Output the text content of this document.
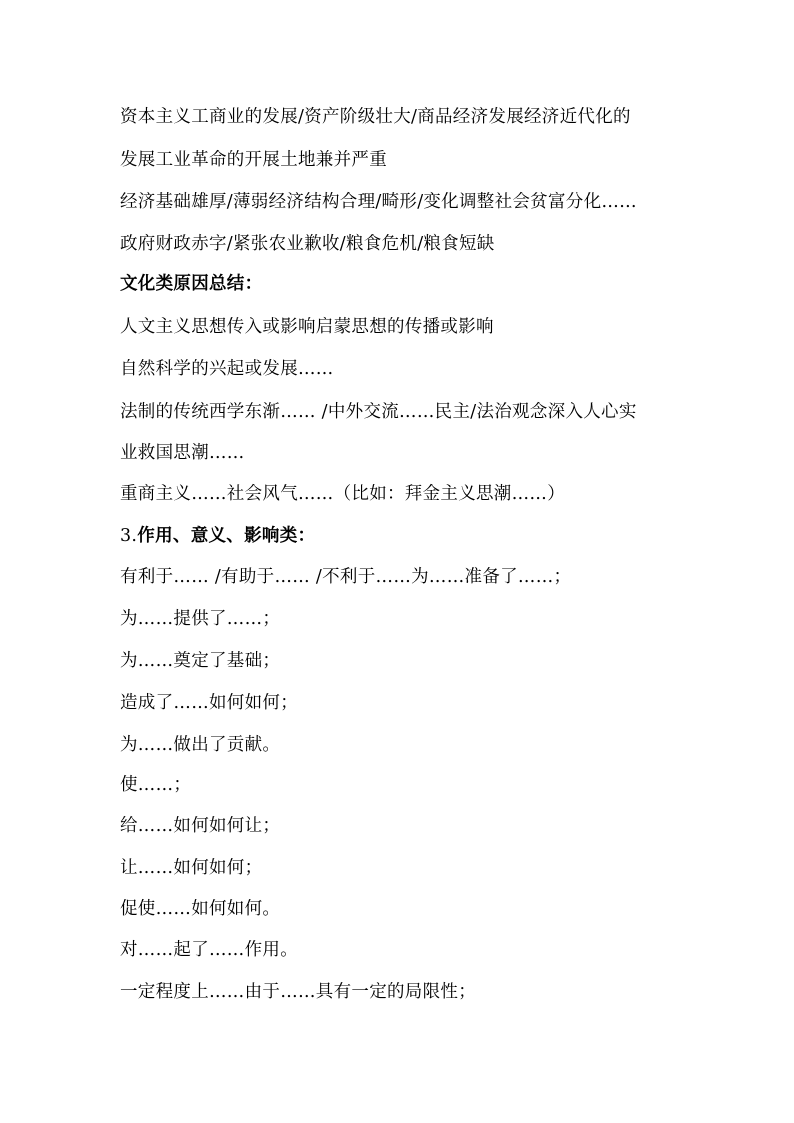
资本主义工商业的发展/资产阶级壮大/商品经济发展经济近代化的
发展工业革命的开展土地兼并严重
经济基础雄厚/薄弱经济结构合理/畸形/变化调整社会贫富分化……
政府财政赤字/紧张农业歉收/粮食危机/粮食短缺
文化类原因总结：
人文主义思想传入或影响启蒙思想的传播或影响
自然科学的兴起或发展……
法制的传统西学东渐…… /中外交流……民主/法治观念深入人心实
业救国思潮……
重商主义……社会风气……（比如：拜金主义思潮……）
3.作用、意义、影响类：
有利于…… /有助于…… /不利于……为……准备了……；
为……提供了……；
为……奠定了基础；
造成了……如何如何；
为……做出了贡献。
使……；
给……如何如何让；
让……如何如何；
促使……如何如何。
对……起了……作用。
一定程度上……由于……具有一定的局限性；
